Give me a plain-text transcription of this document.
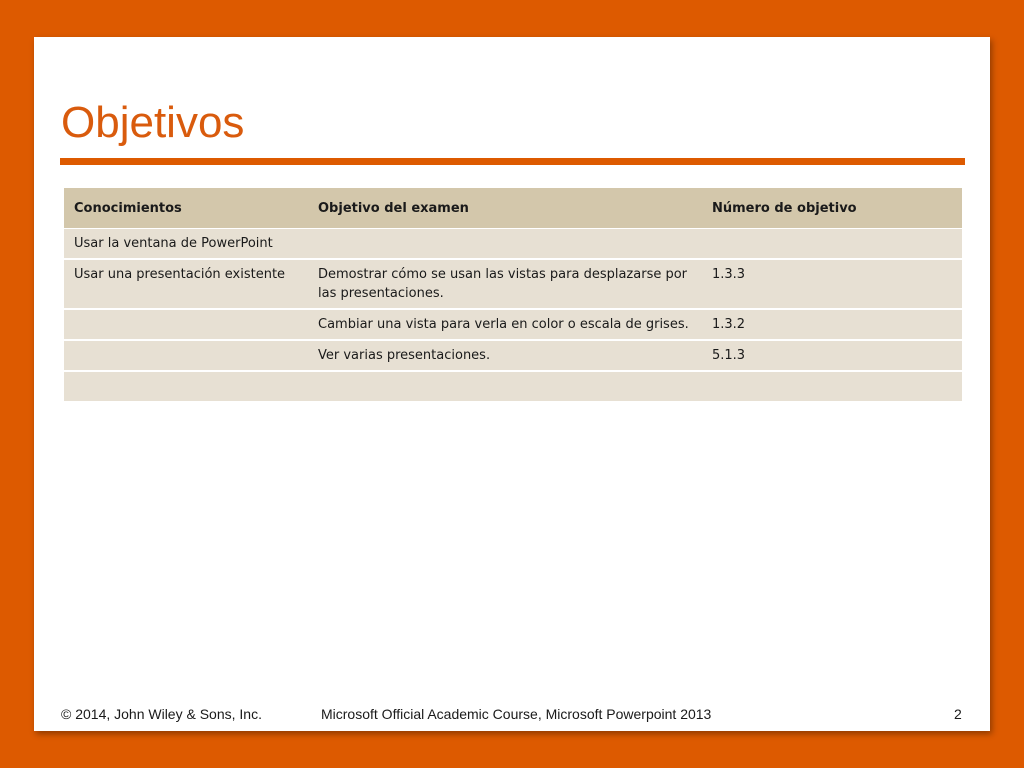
Objetivos
Conocimientos	Objetivo del examen	Número de objetivo
Usar la ventana de PowerPoint		
Usar una presentación existente	Demostrar cómo se usan las vistas para desplazarse por las presentaciones.	1.3.3
	Cambiar una vista para verla en color o escala de grises.	1.3.2
	Ver varias presentaciones.	5.1.3

© 2014, John Wiley & Sons, Inc.	Microsoft Official Academic Course, Microsoft Powerpoint 2013	2
